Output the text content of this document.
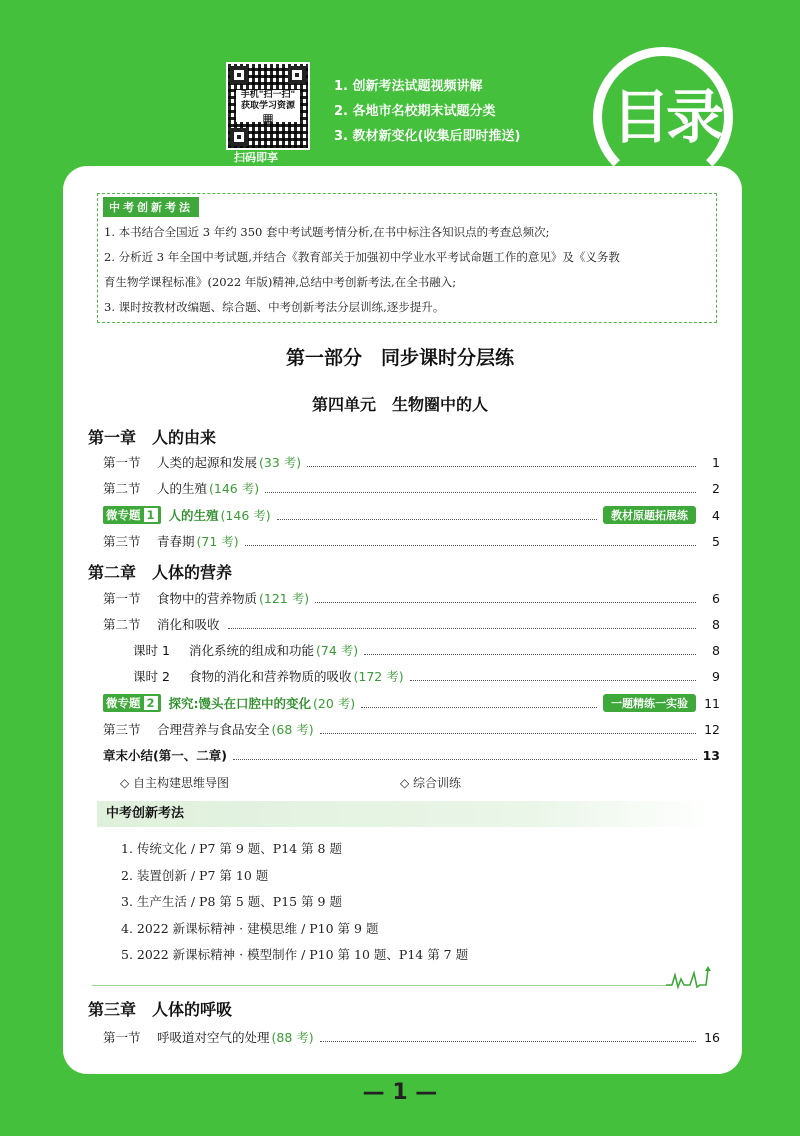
手机"扫一扫"
获取学习资源
▦
扫码即享
1. 创新考法试题视频讲解
2. 各地市名校期末试题分类
3. 教材新变化(收集后即时推送) 目录
中考创新考法

1. 本书结合全国近 3 年约 350 套中考试题考情分析,在书中标注各知识点的考查总频次;

2. 分析近 3 年全国中考试题,并结合《教育部关于加强初中学业水平考试命题工作的意见》及《义务教

育生物学课程标准》(2022 年版)精神,总结中考创新考法,在全书融入;

3. 课时按教材改编题、综合题、中考创新考法分层训练,逐步提升。

第一部分　同步课时分层练
第四单元　生物圈中的人
第一章　人的由来
第一节	人类的起源和发展 (33 考)	1
第二节	人的生殖 (146 考)	2
微专题 1	人的生殖 (146 考)	教材原题拓展练	4
第三节	青春期 (71 考)	5
第二章　人体的营养
第一节	食物中的营养物质 (121 考)	6
第二节	消化和吸收	8
课时 1	消化系统的组成和功能 (74 考)	8
课时 2	食物的消化和营养物质的吸收 (172 考)	9
微专题 2	探究:馒头在口腔中的变化 (20 考)	一题精练一实验	11
第三节	合理营养与食品安全 (68 考)	12
章末小结(第一、二章)	13
◇ 自主构建思维导图	◇ 综合训练
中考创新考法
1. 传统文化 / P7 第 9 题、P14 第 8 题
2. 装置创新 / P7 第 10 题
3. 生产生活 / P8 第 5 题、P15 第 9 题
4. 2022 新课标精神 · 建模思维 / P10 第 9 题
5. 2022 新课标精神 · 模型制作 / P10 第 10 题、P14 第 7 题
第三章　人体的呼吸
第一节	呼吸道对空气的处理 (88 考)	16
— 1 —
